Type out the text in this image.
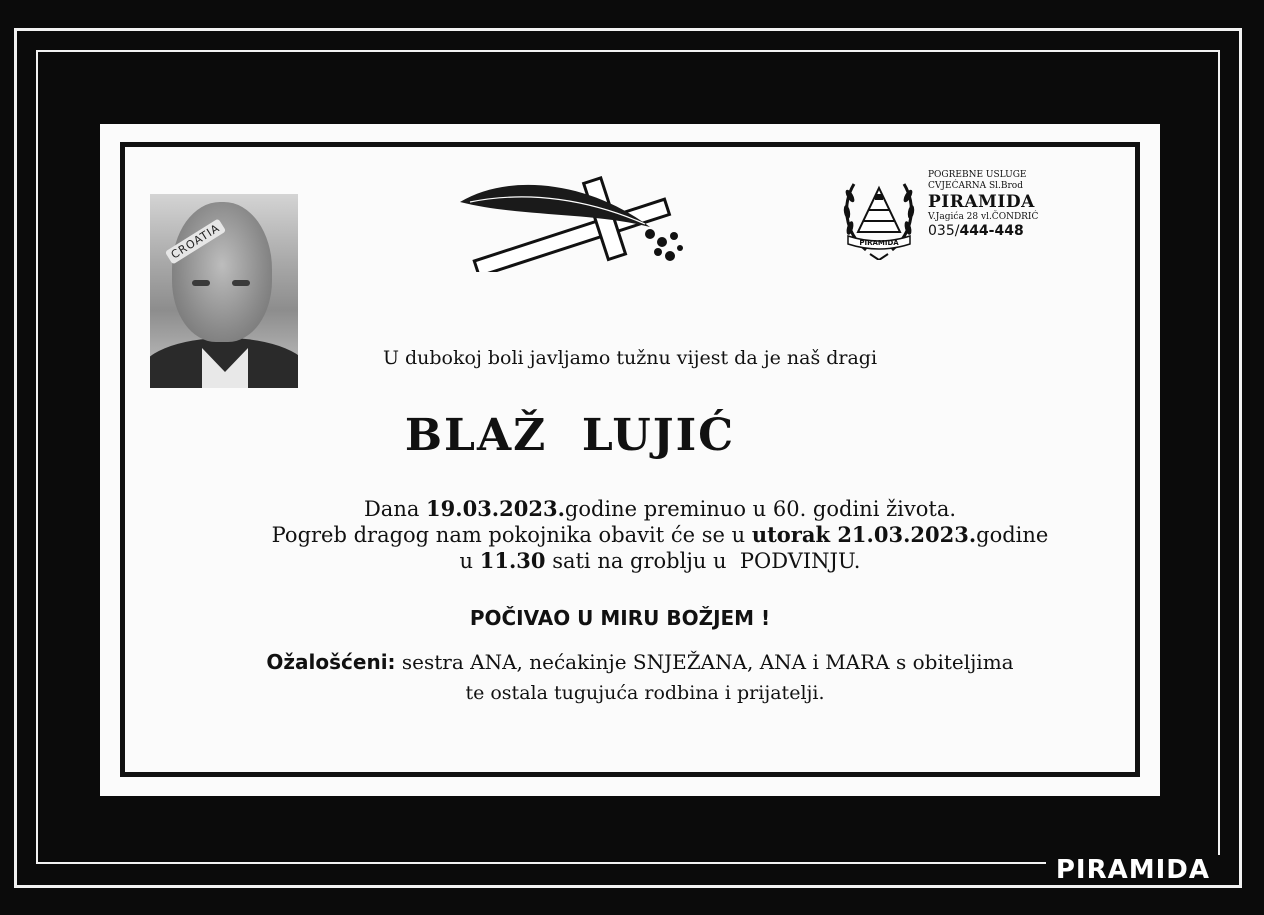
CROATIA	PIRAMIDA
POGREBNE USLUGE
CVJEĆARNA Sl.Brod
PIRAMIDA
V.Jagića 28 vl.ČONDRIĆ
035/444-448
U dubokoj boli javljamo tužnu vijest da je naš dragi
BLAŽ  LUJIĆ
Dana 19.03.2023.godine preminuo u 60. godini života.
Pogreb dragog nam pokojnika obavit će se u utorak 21.03.2023.godine
u 11.30 sati na groblju u  PODVINJU.
POČIVAO U MIRU BOŽJEM !
Ožalošćeni: sestra ANA, nećakinje SNJEŽANA, ANA i MARA s obiteljima
te ostala tugujuća rodbina i prijatelji.
PIRAMIDA
